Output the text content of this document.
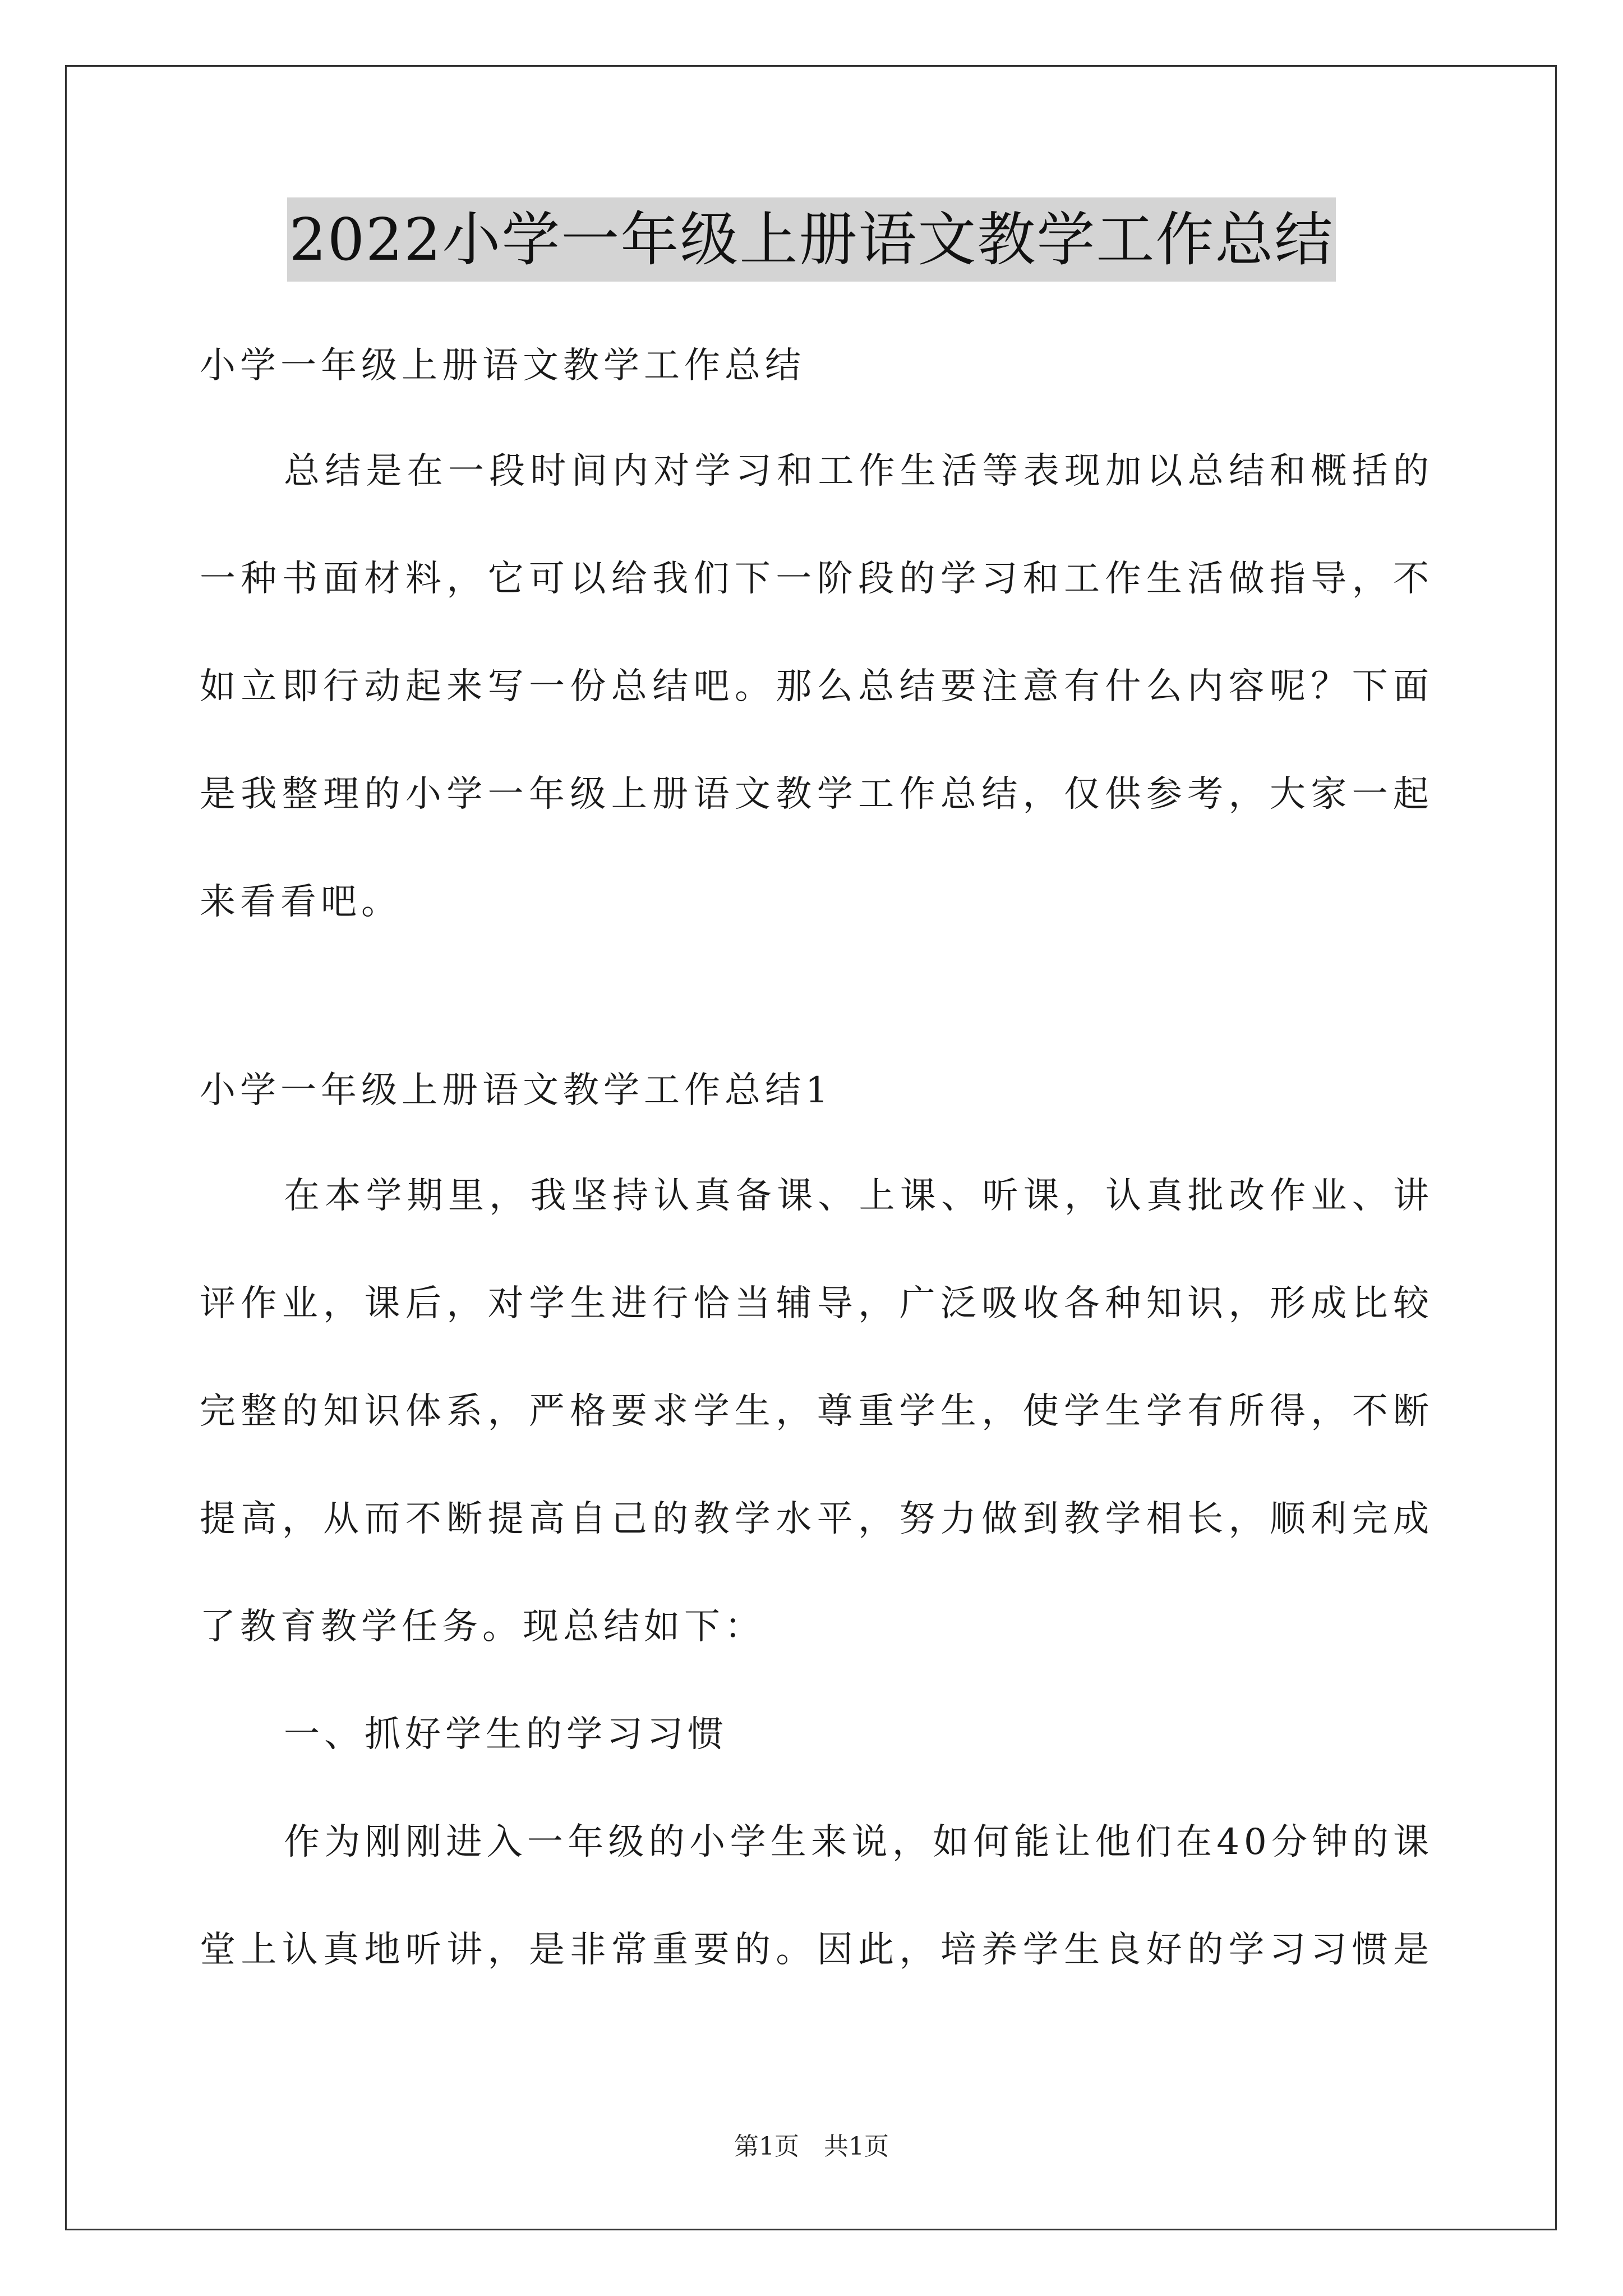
2022小学一年级上册语文教学工作总结
小学一年级上册语文教学工作总结
总结是在一段时间内对学习和工作生活等表现加以总结和概括的
一种书面材料，它可以给我们下一阶段的学习和工作生活做指导，不
如立即行动起来写一份总结吧。那么总结要注意有什么内容呢？下面
是我整理的小学一年级上册语文教学工作总结，仅供参考，大家一起
来看看吧。
小学一年级上册语文教学工作总结1
在本学期里，我坚持认真备课、上课、听课，认真批改作业、讲
评作业，课后，对学生进行恰当辅导，广泛吸收各种知识，形成比较
完整的知识体系，严格要求学生，尊重学生，使学生学有所得，不断
提高，从而不断提高自己的教学水平，努力做到教学相长，顺利完成
了教育教学任务。现总结如下：
一、抓好学生的学习习惯
作为刚刚进入一年级的小学生来说，如何能让他们在40分钟的课
堂上认真地听讲，是非常重要的。因此，培养学生良好的学习习惯是
第1页　共1页
